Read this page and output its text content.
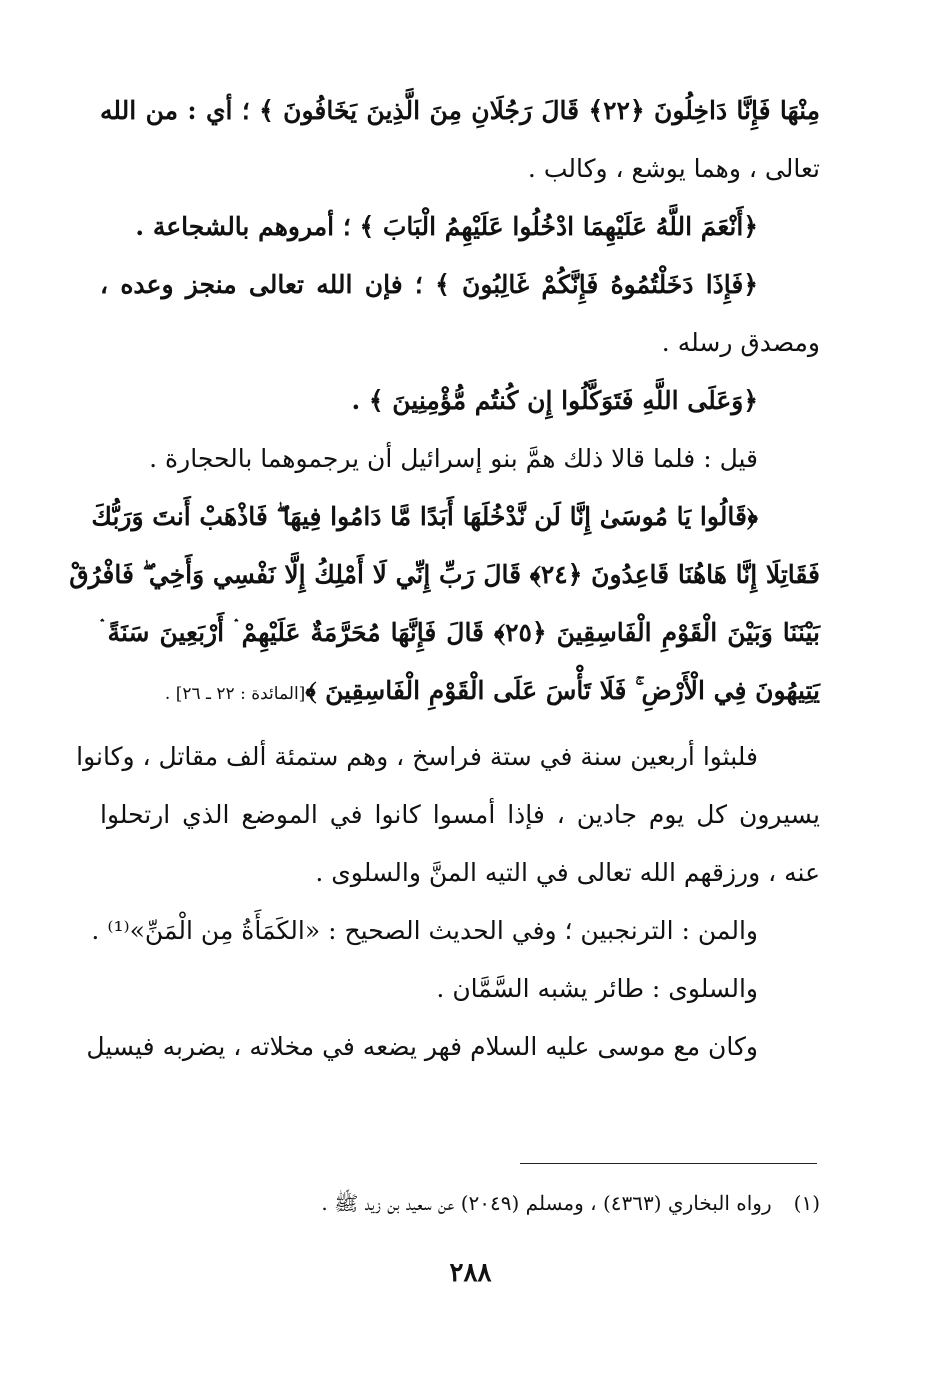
مِنْهَا فَإِنَّا دَاخِلُونَ ﴿٢٢﴾ قَالَ رَجُلَانِ مِنَ الَّذِينَ يَخَافُونَ ﴾ ؛ أي : من الله
تعالى ، وهما يوشع ، وكالب .
﴿أَنْعَمَ اللَّهُ عَلَيْهِمَا ادْخُلُوا عَلَيْهِمُ الْبَابَ ﴾ ؛ أمروهم بالشجاعة .
﴿فَإِذَا دَخَلْتُمُوهُ فَإِنَّكُمْ غَالِبُونَ ﴾ ؛ فإن الله تعالى منجز وعده ،
ومصدق رسله .
﴿وَعَلَى اللَّهِ فَتَوَكَّلُوا إِن كُنتُم مُّؤْمِنِينَ ﴾ .
قيل : فلما قالا ذلك همَّ بنو إسرائيل أن يرجموهما بالحجارة .
﴿قَالُوا يَا مُوسَىٰ إِنَّا لَن نَّدْخُلَهَا أَبَدًا مَّا دَامُوا فِيهَا ۖ فَاذْهَبْ أَنتَ وَرَبُّكَ
فَقَاتِلَا إِنَّا هَاهُنَا قَاعِدُونَ ﴿٢٤﴾ قَالَ رَبِّ إِنِّي لَا أَمْلِكُ إِلَّا نَفْسِي وَأَخِي ۖ فَافْرُقْ
بَيْنَنَا وَبَيْنَ الْقَوْمِ الْفَاسِقِينَ ﴿٢٥﴾ قَالَ فَإِنَّهَا مُحَرَّمَةٌ عَلَيْهِمْ ۛ أَرْبَعِينَ سَنَةً ۛ
يَتِيهُونَ فِي الْأَرْضِ ۚ فَلَا تَأْسَ عَلَى الْقَوْمِ الْفَاسِقِينَ ﴾[المائدة : ٢٢ ـ ٢٦] .
فلبثوا أربعين سنة في ستة فراسخ ، وهم ستمئة ألف مقاتل ، وكانوا
يسيرون كل يوم جادين ، فإذا أمسوا كانوا في الموضع الذي ارتحلوا
عنه ، ورزقهم الله تعالى في التيه المنَّ والسلوى .
والمن : الترنجبين ؛ وفي الحديث الصحيح : «الكَمَأَةُ مِن الْمَنِّ»⁽¹⁾ .
والسلوى : طائر يشبه السَّمَّان .
وكان مع موسى عليه السلام فهر يضعه في مخلاته ، يضربه فيسيل
(١)رواه البخاري (٤٣٦٣) ، ومسلم (٢٠٤٩) عن سعيد بن زيد ﷺ .
٢٨٨
